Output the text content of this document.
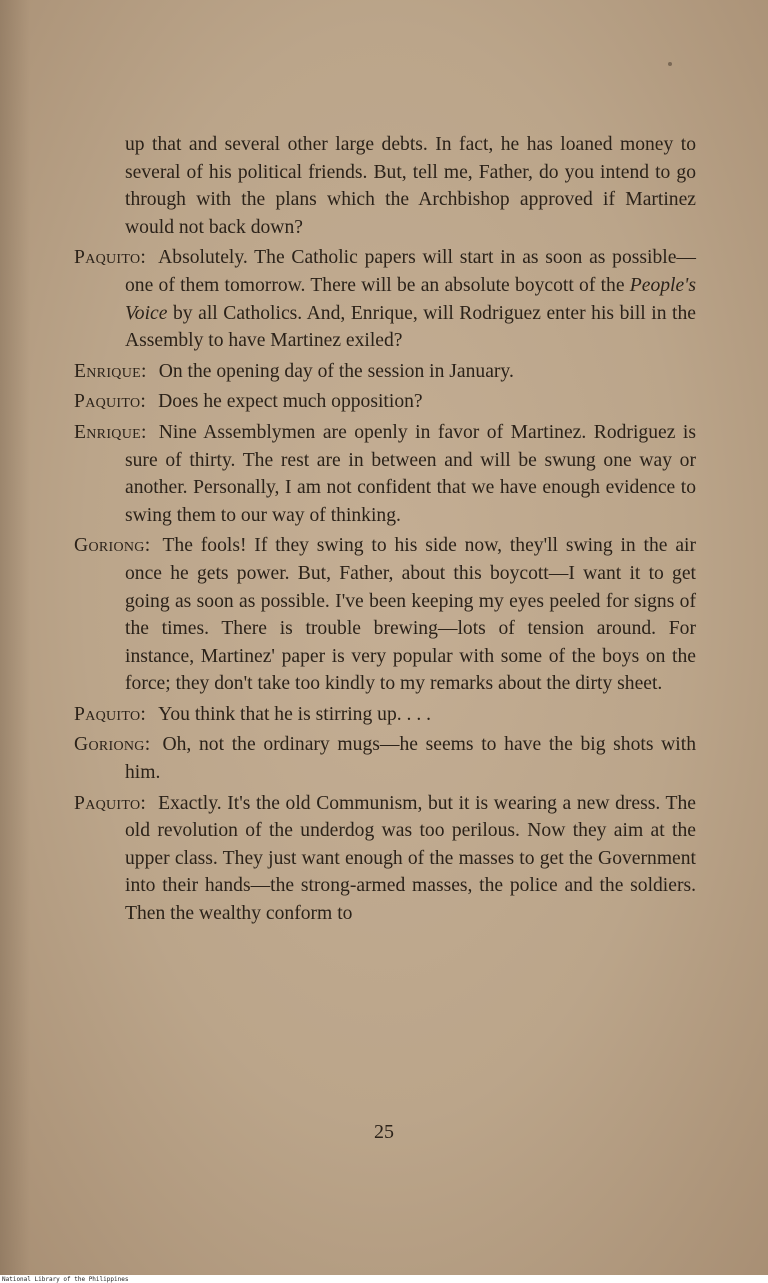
up that and several other large debts. In fact, he has loaned money to several of his political friends. But, tell me, Father, do you intend to go through with the plans which the Archbishop approved if Martinez would not back down?

Paquito : Absolutely. The Catholic papers will start in as soon as possible—one of them tomorrow. There will be an absolute boycott of the People's Voice by all Catholics. And, Enrique, will Rodriguez enter his bill in the Assembly to have Martinez exiled?

Enrique : On the opening day of the session in January.

Paquito : Does he expect much opposition?

Enrique : Nine Assemblymen are openly in favor of Martinez. Rodriguez is sure of thirty. The rest are in between and will be swung one way or another. Personally, I am not confident that we have enough evidence to swing them to our way of thinking.

Goriong : The fools! If they swing to his side now, they'll swing in the air once he gets power. But, Father, about this boycott—I want it to get going as soon as possible. I've been keeping my eyes peeled for signs of the times. There is trouble brewing—lots of tension around. For instance, Martinez' paper is very popular with some of the boys on the force; they don't take too kindly to my remarks about the dirty sheet.

Paquito : You think that he is stirring up. . . .

Goriong : Oh, not the ordinary mugs—he seems to have the big shots with him.

Paquito : Exactly. It's the old Communism, but it is wearing a new dress. The old revolution of the underdog was too perilous. Now they aim at the upper class. They just want enough of the masses to get the Government into their hands—the strong-armed masses, the police and the soldiers. Then the wealthy conform to

25
National Library of the Philippines
